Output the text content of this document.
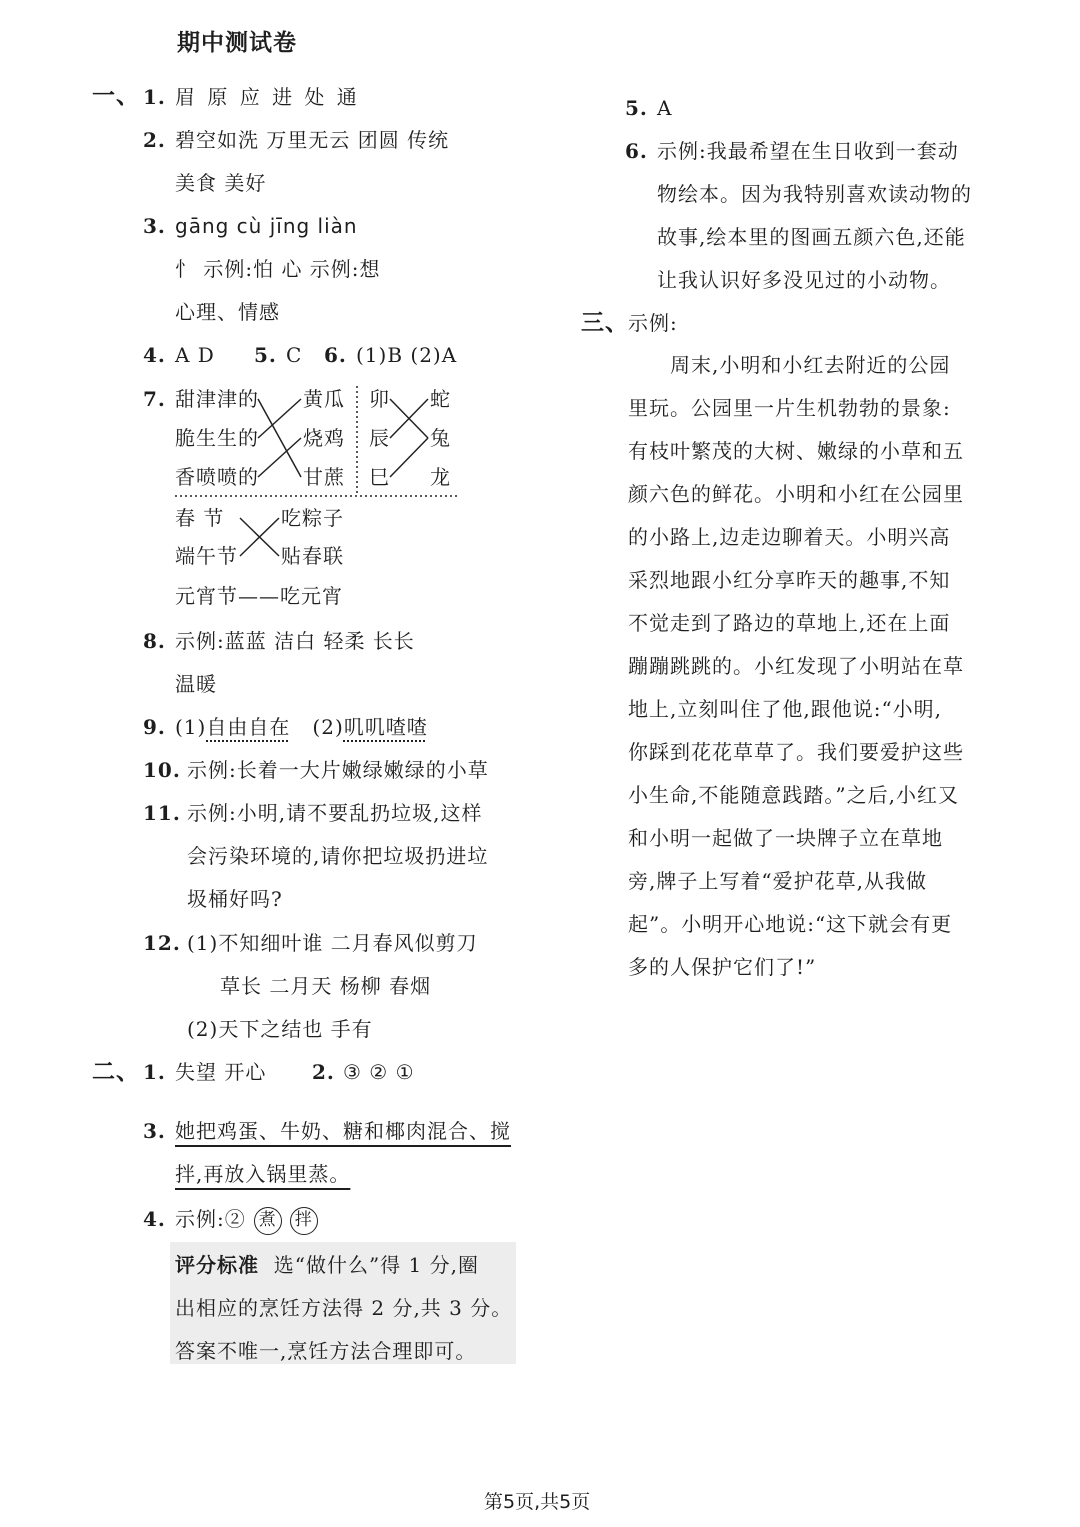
期中测试卷
一、 1. 眉 原 应 进 处 通
2. 碧空如洗 万里无云 团圆 传统
美食 美好
3. gāng cù jīng liàn
忄 示例:怕 心 示例:想
心理、情感
4. A D 5. C 6. (1)B (2)A
7. 甜津津的
脆生生的
香喷喷的
黄瓜
烧鸡
甘蔗
卯
辰
巳
蛇
兔
龙
春 节
端午节
吃粽子
贴春联
元宵节——吃元宵
8. 示例:蓝蓝 洁白 轻柔 长长
温暖
9. (1)自由自在 (2)叽叽喳喳
10. 示例:长着一大片嫩绿嫩绿的小草
11. 示例:小明,请不要乱扔垃圾,这样
会污染环境的,请你把垃圾扔进垃
圾桶好吗?
12. (1)不知细叶谁 二月春风似剪刀
草长 二月天 杨柳 春烟
(2)天下之结也 手有
二、 1. 失望 开心 2. ③ ② ①
3. 她把鸡蛋、牛奶、糖和椰肉混合、搅
拌,再放入锅里蒸。
4. 示例:② 煮 拌
评分标准 选“做什么”得 1 分,圈
出相应的烹饪方法得 2 分,共 3 分。
答案不唯一,烹饪方法合理即可。
5. A
6. 示例:我最希望在生日收到一套动
物绘本。因为我特别喜欢读动物的
故事,绘本里的图画五颜六色,还能
让我认识好多没见过的小动物。
三、 示例:
周末,小明和小红去附近的公园
里玩。公园里一片生机勃勃的景象:
有枝叶繁茂的大树、嫩绿的小草和五
颜六色的鲜花。小明和小红在公园里
的小路上,边走边聊着天。小明兴高
采烈地跟小红分享昨天的趣事,不知
不觉走到了路边的草地上,还在上面
蹦蹦跳跳的。小红发现了小明站在草
地上,立刻叫住了他,跟他说:“小明,
你踩到花花草草了。我们要爱护这些
小生命,不能随意践踏。”之后,小红又
和小明一起做了一块牌子立在草地
旁,牌子上写着“爱护花草,从我做
起”。小明开心地说:“这下就会有更
多的人保护它们了!”
第5页,共5页
